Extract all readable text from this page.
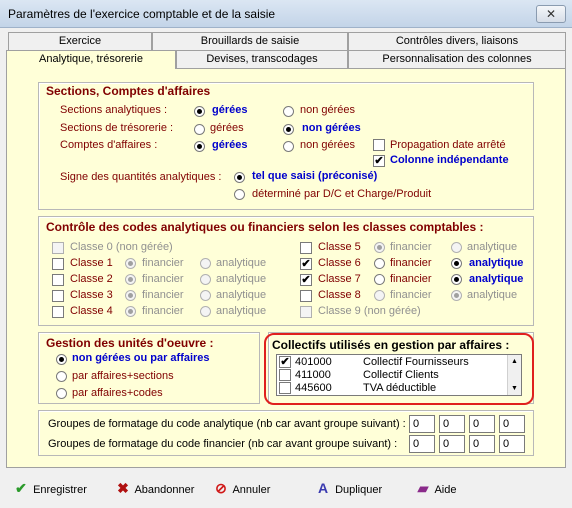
Paramètres de l'exercice comptable et de la saisie	✕
Exercice	Brouillards de saisie	Contrôles divers, liaisons
Analytique, trésorerie	Devises, transcodages	Personnalisation des colonnes
Sections, Comptes d'affaires
Sections analytiques :	gérées	non gérées
Sections de trésorerie :	gérées	non gérées
Comptes d'affaires :	gérées	non gérées	Propagation date arrêté
✔ Colonne indépendante
Signe des quantités analytiques :	tel que saisi (préconisé)
déterminé par D/C et Charge/Produit
Contrôle des codes analytiques ou financiers selon les classes comptables :
Classe 0 (non gérée)
Classe 1	financier	analytique
Classe 2	financier	analytique
Classe 3	financier	analytique
Classe 4	financier	analytique
Classe 5	financier	analytique
✔ Classe 6	financier	analytique
✔ Classe 7	financier	analytique
Classe 8	financier	analytique
Classe 9 (non gérée)
Gestion des unités d'oeuvre :
non gérées ou par affaires
par affaires+sections
par affaires+codes
Collectifs utilisés en gestion par affaires :
✔ 401000	Collectif Fournisseurs
411000	Collectif Clients
445600	TVA déductible
▲
▼
Groupes de formatage du code analytique (nb car avant groupe suivant) : 0	0	0	0
Groupes de formatage du code financier (nb car avant groupe suivant) :	0	0	0	0
✔ Enregistrer ✖ Abandonner ⊘ Annuler	A Dupliquer	▰ Aide
